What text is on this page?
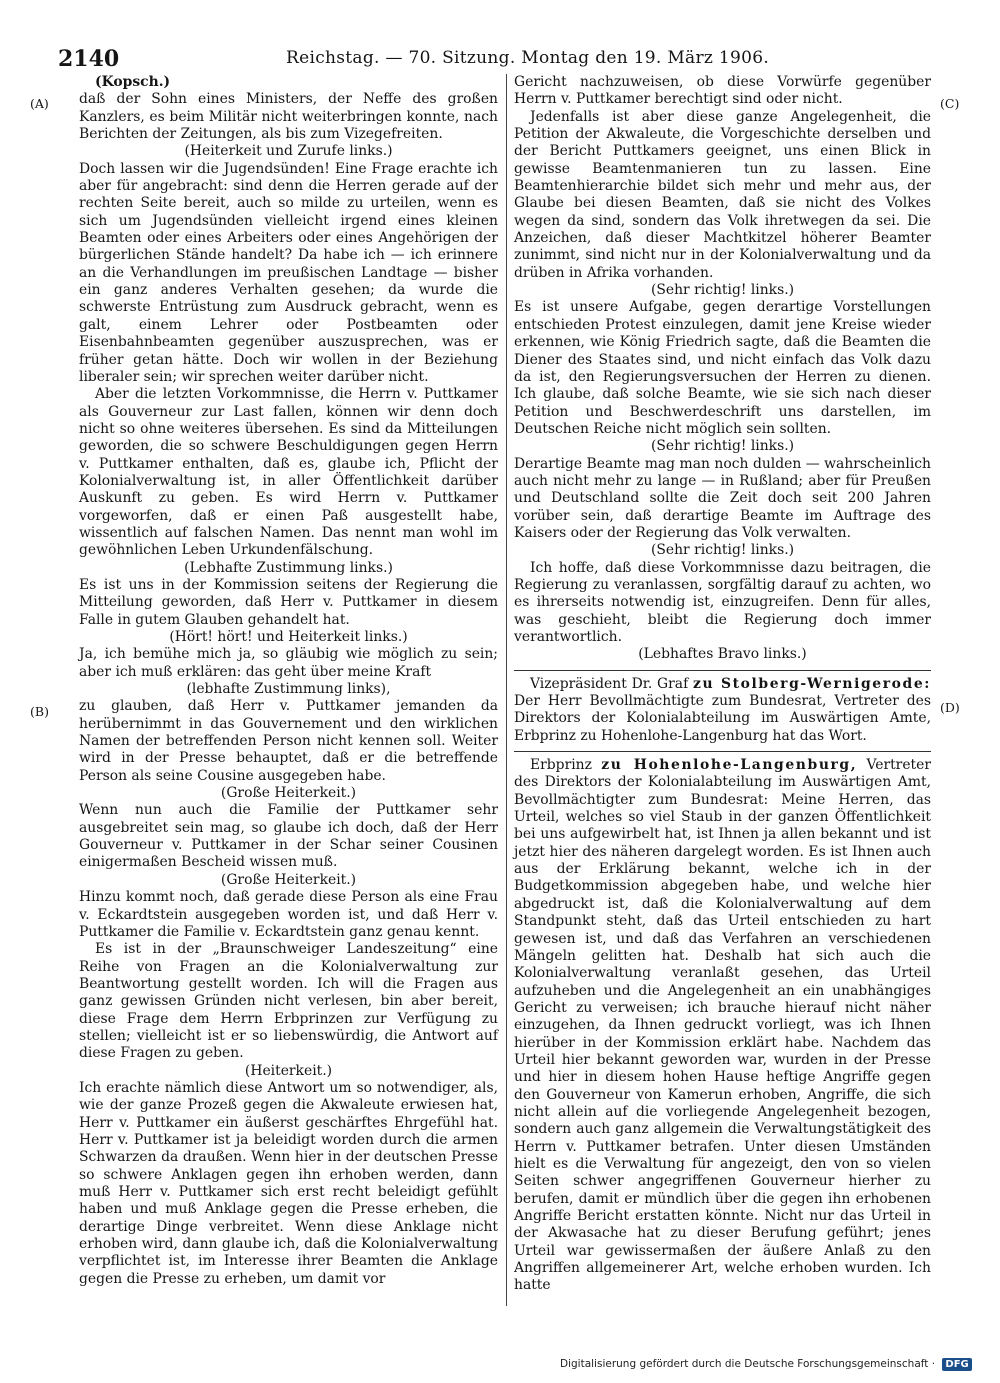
2140	Reichstag. — 70. Sitzung. Montag den 19. März 1906.
(A)
(B)
(C)
(D)

(Kopsch.)

daß der Sohn eines Ministers, der Neffe des großen Kanzlers, es beim Militär nicht weiterbringen konnte, nach Berichten der Zeitungen, als bis zum Vizegefreiten.

(Heiterkeit und Zurufe links.)

Doch lassen wir die Jugendsünden! Eine Frage erachte ich aber für angebracht: sind denn die Herren gerade auf der rechten Seite bereit, auch so milde zu urteilen, wenn es sich um Jugendsünden vielleicht irgend eines kleinen Beamten oder eines Arbeiters oder eines Angehörigen der bürgerlichen Stände handelt? Da habe ich — ich erinnere an die Verhandlungen im preußischen Landtage — bisher ein ganz anderes Verhalten gesehen; da wurde die schwerste Entrüstung zum Ausdruck gebracht, wenn es galt, einem Lehrer oder Postbeamten oder Eisenbahnbeamten gegenüber auszusprechen, was er früher getan hätte. Doch wir wollen in der Beziehung liberaler sein; wir sprechen weiter darüber nicht.

Aber die letzten Vorkommnisse, die Herrn v. Puttkamer als Gouverneur zur Last fallen, können wir denn doch nicht so ohne weiteres übersehen. Es sind da Mitteilungen geworden, die so schwere Beschuldigungen gegen Herrn v. Puttkamer enthalten, daß es, glaube ich, Pflicht der Kolonialverwaltung ist, in aller Öffentlichkeit darüber Auskunft zu geben. Es wird Herrn v. Puttkamer vorgeworfen, daß er einen Paß ausgestellt habe, wissentlich auf falschen Namen. Das nennt man wohl im gewöhnlichen Leben Urkundenfälschung.

(Lebhafte Zustimmung links.)

Es ist uns in der Kommission seitens der Regierung die Mitteilung geworden, daß Herr v. Puttkamer in diesem Falle in gutem Glauben gehandelt hat.

(Hört! hört! und Heiterkeit links.)

Ja, ich bemühe mich ja, so gläubig wie möglich zu sein; aber ich muß erklären: das geht über meine Kraft

(lebhafte Zustimmung links),

zu glauben, daß Herr v. Puttkamer jemanden da herübernimmt in das Gouvernement und den wirklichen Namen der betreffenden Person nicht kennen soll. Weiter wird in der Presse behauptet, daß er die betreffende Person als seine Cousine ausgegeben habe.

(Große Heiterkeit.)

Wenn nun auch die Familie der Puttkamer sehr ausgebreitet sein mag, so glaube ich doch, daß der Herr Gouverneur v. Puttkamer in der Schar seiner Cousinen einigermaßen Bescheid wissen muß.

(Große Heiterkeit.)

Hinzu kommt noch, daß gerade diese Person als eine Frau v. Eckardtstein ausgegeben worden ist, und daß Herr v. Puttkamer die Familie v. Eckardtstein ganz genau kennt.

Es ist in der „Braunschweiger Landeszeitung“ eine Reihe von Fragen an die Kolonialverwaltung zur Beantwortung gestellt worden. Ich will die Fragen aus ganz gewissen Gründen nicht verlesen, bin aber bereit, diese Frage dem Herrn Erbprinzen zur Verfügung zu stellen; vielleicht ist er so liebenswürdig, die Antwort auf diese Fragen zu geben.

(Heiterkeit.)

Ich erachte nämlich diese Antwort um so notwendiger, als, wie der ganze Prozeß gegen die Akwaleute erwiesen hat, Herr v. Puttkamer ein äußerst geschärftes Ehrgefühl hat. Herr v. Puttkamer ist ja beleidigt worden durch die armen Schwarzen da draußen. Wenn hier in der deutschen Presse so schwere Anklagen gegen ihn erhoben werden, dann muß Herr v. Puttkamer sich erst recht beleidigt gefühlt haben und muß Anklage gegen die Presse erheben, die derartige Dinge verbreitet. Wenn diese Anklage nicht erhoben wird, dann glaube ich, daß die Kolonialverwaltung verpflichtet ist, im Interesse ihrer Beamten die Anklage gegen die Presse zu erheben, um damit vor

Gericht nachzuweisen, ob diese Vorwürfe gegenüber Herrn v. Puttkamer berechtigt sind oder nicht.

Jedenfalls ist aber diese ganze Angelegenheit, die Petition der Akwaleute, die Vorgeschichte derselben und der Bericht Puttkamers geeignet, uns einen Blick in gewisse Beamtenmanieren tun zu lassen. Eine Beamtenhierarchie bildet sich mehr und mehr aus, der Glaube bei diesen Beamten, daß sie nicht des Volkes wegen da sind, sondern das Volk ihretwegen da sei. Die Anzeichen, daß dieser Machtkitzel höherer Beamter zunimmt, sind nicht nur in der Kolonialverwaltung und da drüben in Afrika vorhanden.

(Sehr richtig! links.)

Es ist unsere Aufgabe, gegen derartige Vorstellungen entschieden Protest einzulegen, damit jene Kreise wieder erkennen, wie König Friedrich sagte, daß die Beamten die Diener des Staates sind, und nicht einfach das Volk dazu da ist, den Regierungsversuchen der Herren zu dienen. Ich glaube, daß solche Beamte, wie sie sich nach dieser Petition und Beschwerdeschrift uns darstellen, im Deutschen Reiche nicht möglich sein sollten.

(Sehr richtig! links.)

Derartige Beamte mag man noch dulden — wahrscheinlich auch nicht mehr zu lange — in Rußland; aber für Preußen und Deutschland sollte die Zeit doch seit 200 Jahren vorüber sein, daß derartige Beamte im Auftrage des Kaisers oder der Regierung das Volk verwalten.

(Sehr richtig! links.)

Ich hoffe, daß diese Vorkommnisse dazu beitragen, die Regierung zu veranlassen, sorgfältig darauf zu achten, wo es ihrerseits notwendig ist, einzugreifen. Denn für alles, was geschieht, bleibt die Regierung doch immer verantwortlich.

(Lebhaftes Bravo links.)

Vizepräsident Dr. Graf zu Stolberg-Wernigerode: Der Herr Bevollmächtigte zum Bundesrat, Vertreter des Direktors der Kolonialabteilung im Auswärtigen Amte, Erbprinz zu Hohenlohe-Langenburg hat das Wort.

Erbprinz zu Hohenlohe-Langenburg, Vertreter des Direktors der Kolonialabteilung im Auswärtigen Amt, Bevollmächtigter zum Bundesrat: Meine Herren, das Urteil, welches so viel Staub in der ganzen Öffentlichkeit bei uns aufgewirbelt hat, ist Ihnen ja allen bekannt und ist jetzt hier des näheren dargelegt worden. Es ist Ihnen auch aus der Erklärung bekannt, welche ich in der Budgetkommission abgegeben habe, und welche hier abgedruckt ist, daß die Kolonialverwaltung auf dem Standpunkt steht, daß das Urteil entschieden zu hart gewesen ist, und daß das Verfahren an verschiedenen Mängeln gelitten hat. Deshalb hat sich auch die Kolonialverwaltung veranlaßt gesehen, das Urteil aufzuheben und die Angelegenheit an ein unabhängiges Gericht zu verweisen; ich brauche hierauf nicht näher einzugehen, da Ihnen gedruckt vorliegt, was ich Ihnen hierüber in der Kommission erklärt habe. Nachdem das Urteil hier bekannt geworden war, wurden in der Presse und hier in diesem hohen Hause heftige Angriffe gegen den Gouverneur von Kamerun erhoben, Angriffe, die sich nicht allein auf die vorliegende Angelegenheit bezogen, sondern auch ganz allgemein die Verwaltungstätigkeit des Herrn v. Puttkamer betrafen. Unter diesen Umständen hielt es die Verwaltung für angezeigt, den von so vielen Seiten schwer angegriffenen Gouverneur hierher zu berufen, damit er mündlich über die gegen ihn erhobenen Angriffe Bericht erstatten könnte. Nicht nur das Urteil in der Akwasache hat zu dieser Berufung geführt; jenes Urteil war gewissermaßen der äußere Anlaß zu den Angriffen allgemeinerer Art, welche erhoben wurden. Ich hatte

Digitalisierung gefördert durch die Deutsche Forschungsgemeinschaft · DFG
